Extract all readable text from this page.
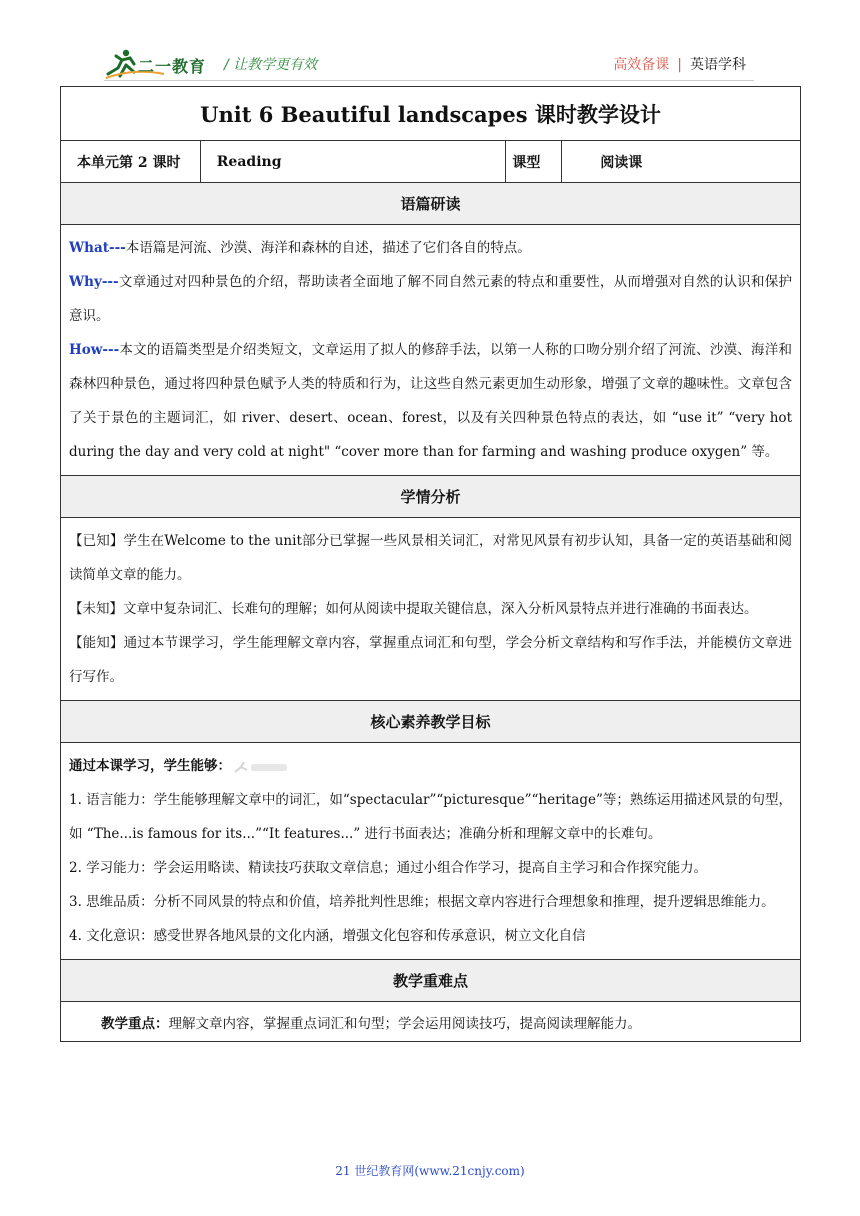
二一教育 / 让教学更有效	高效备课 | 英语学科
Unit 6 Beautiful landscapes 课时教学设计
本单元第 2 课时	Reading	课型	阅读课
语篇研读

What---本语篇是河流、沙漠、海洋和森林的自述，描述了它们各自的特点。

Why---文章通过对四种景色的介绍，帮助读者全面地了解不同自然元素的特点和重要性，从而增强对自然的认识和保护意识。

How---本文的语篇类型是介绍类短文，文章运用了拟人的修辞手法，以第一人称的口吻分别介绍了河流、沙漠、海洋和森林四种景色，通过将四种景色赋予人类的特质和行为，让这些自然元素更加生动形象，增强了文章的趣味性。文章包含了关于景色的主题词汇，如 river、desert、ocean、forest，以及有关四种景色特点的表达，如 “use it” “very hot during the day and very cold at night" “cover more than for farming and washing produce oxygen” 等。

学情分析

【已知】学生在Welcome to the unit部分已掌握一些风景相关词汇，对常见风景有初步认知，具备一定的英语基础和阅读简单文章的能力。

【未知】文章中复杂词汇、长难句的理解；如何从阅读中提取关键信息，深入分析风景特点并进行准确的书面表达。

【能知】通过本节课学习，学生能理解文章内容，掌握重点词汇和句型，学会分析文章结构和写作手法，并能模仿文章进行写作。

核心素养教学目标

通过本课学习，学生能够：

1. 语言能力：学生能够理解文章中的词汇，如“spectacular”“picturesque”“heritage”等；熟练运用描述风景的句型，如 “The...is famous for its...”“It features...” 进行书面表达；准确分析和理解文章中的长难句。

2. 学习能力：学会运用略读、精读技巧获取文章信息；通过小组合作学习，提高自主学习和合作探究能力。

3. 思维品质：分析不同风景的特点和价值，培养批判性思维；根据文章内容进行合理想象和推理，提升逻辑思维能力。

4. 文化意识：感受世界各地风景的文化内涵，增强文化包容和传承意识，树立文化自信

教学重难点
教学重点：理解文章内容，掌握重点词汇和句型；学会运用阅读技巧，提高阅读理解能力。
21 世纪教育网(www.21cnjy.com)
